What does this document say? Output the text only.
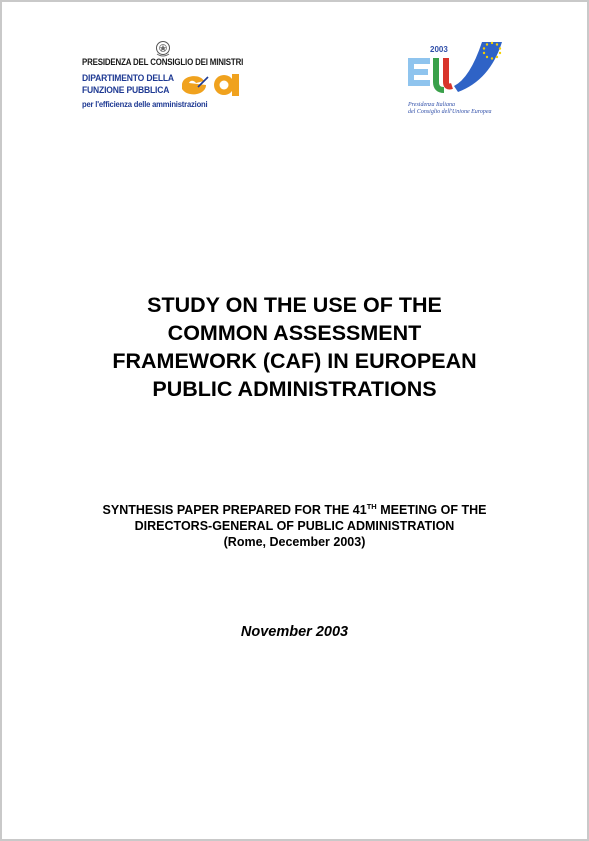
PRESIDENZA DEL CONSIGLIO DEI MINISTRI
DIPARTIMENTO DELLA
FUNZIONE PUBBLICA
per l'efficienza delle amministrazioni
2003
Presidenza Italiana
del Consiglio dell'Unione Europea
STUDY ON THE USE OF THE
COMMON ASSESSMENT
FRAMEWORK (CAF) IN EUROPEAN
PUBLIC ADMINISTRATIONS
SYNTHESIS PAPER PREPARED FOR THE 41TH MEETING OF THE
DIRECTORS-GENERAL OF PUBLIC ADMINISTRATION
(Rome, December 2003)
November 2003
